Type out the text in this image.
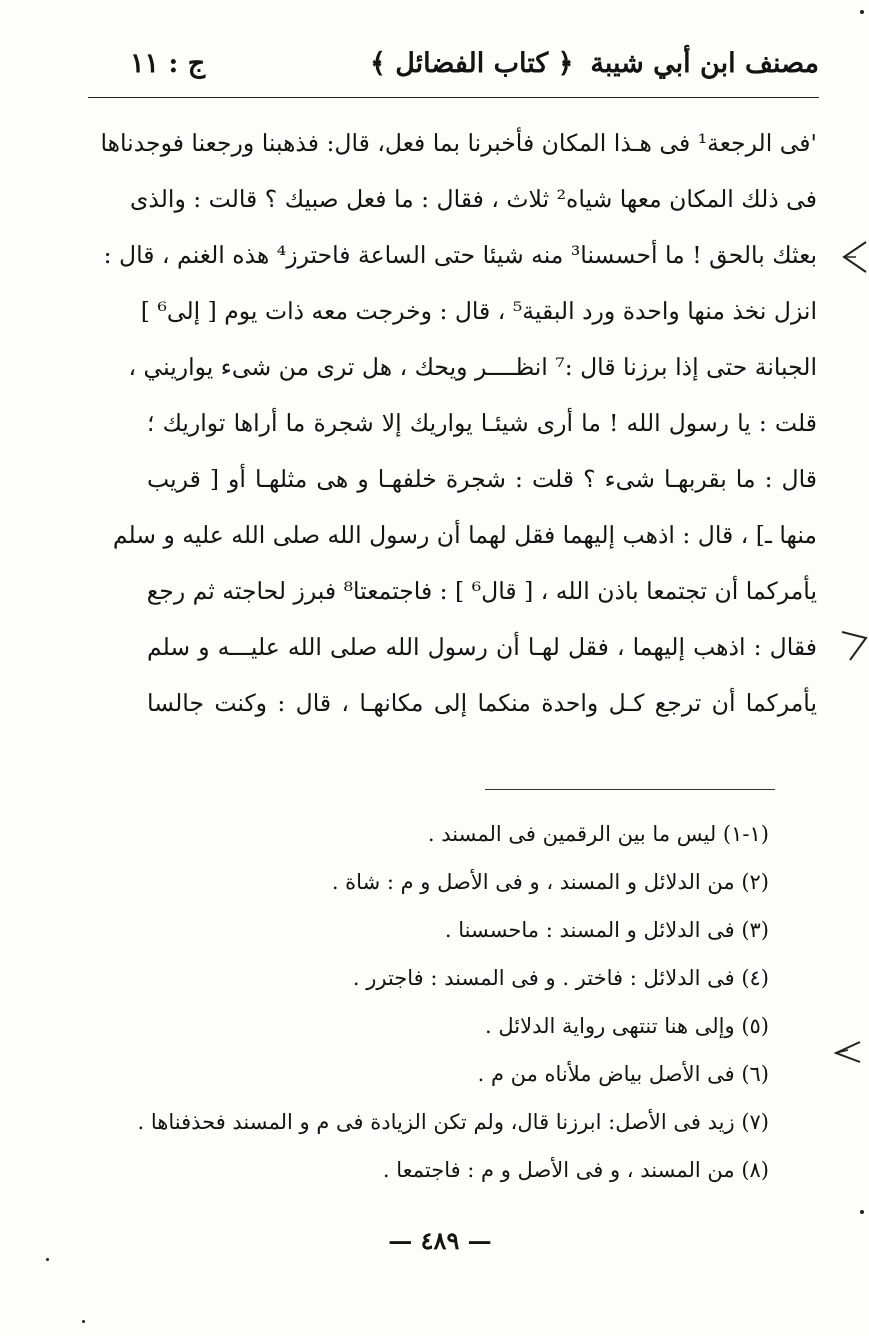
مصنف ابن أبي شيبة
﴿ كتاب الفضائل ﴾
ج : ١١
'فى الرجعة¹ فى هـذا المكان فأخبرنا بما فعل، قال: فذهبنا ورجعنا فوجدناها
فى ذلك المكان معها شياه² ثلاث ، فقال : ما فعل صبيك ؟ قالت : والذى
بعثك بالحق ! ما أحسسنا³ منه شيئا حتى الساعة فاحترز⁴ هذه الغنم ، قال :
انزل نخذ منها واحدة ورد البقية⁵ ، قال : وخرجت معه ذات يوم [ إلى⁶ ]
الجبانة حتى إذا برزنا قال :⁷ انظــــر ويحك ، هل ترى من شىء يواريني ،
قلت : يا رسول الله ! ما أرى شيئـا يواريك إلا شجرة ما أراها تواريك ؛
قال : ما بقربهـا شىء ؟ قلت : شجرة خلفهـا و هى مثلهـا أو [ قريب
منها ـ] ، قال : اذهب إليهما فقل لهما أن رسول الله صلى الله عليه و سلم
يأمركما أن تجتمعا باذن الله ، [ قال⁶ ] : فاجتمعتا⁸ فبرز لحاجته ثم رجع
فقال : اذهب إليهما ، فقل لهـا أن رسول الله صلى الله عليـــه و سلم
يأمركما أن ترجع كـل واحدة منكما إلى مكانهـا ، قال : وكنت جالسا
(١-١) ليس ما بين الرقمين فى المسند .
(٢) من الدلائل و المسند ، و فى الأصل و م : شاة .
(٣) فى الدلائل و المسند : ماحسسنا .
(٤) فى الدلائل : فاختر . و فى المسند : فاجترر .
(٥) وإلى هنا تنتهى رواية الدلائل .
(٦) فى الأصل بياض ملأناه من م .
(٧) زيد فى الأصل: ابرزنا قال، ولم تكن الزيادة فى م و المسند فحذفناها .
(٨) من المسند ، و فى الأصل و م : فاجتمعا .
— ٤٨٩ —
